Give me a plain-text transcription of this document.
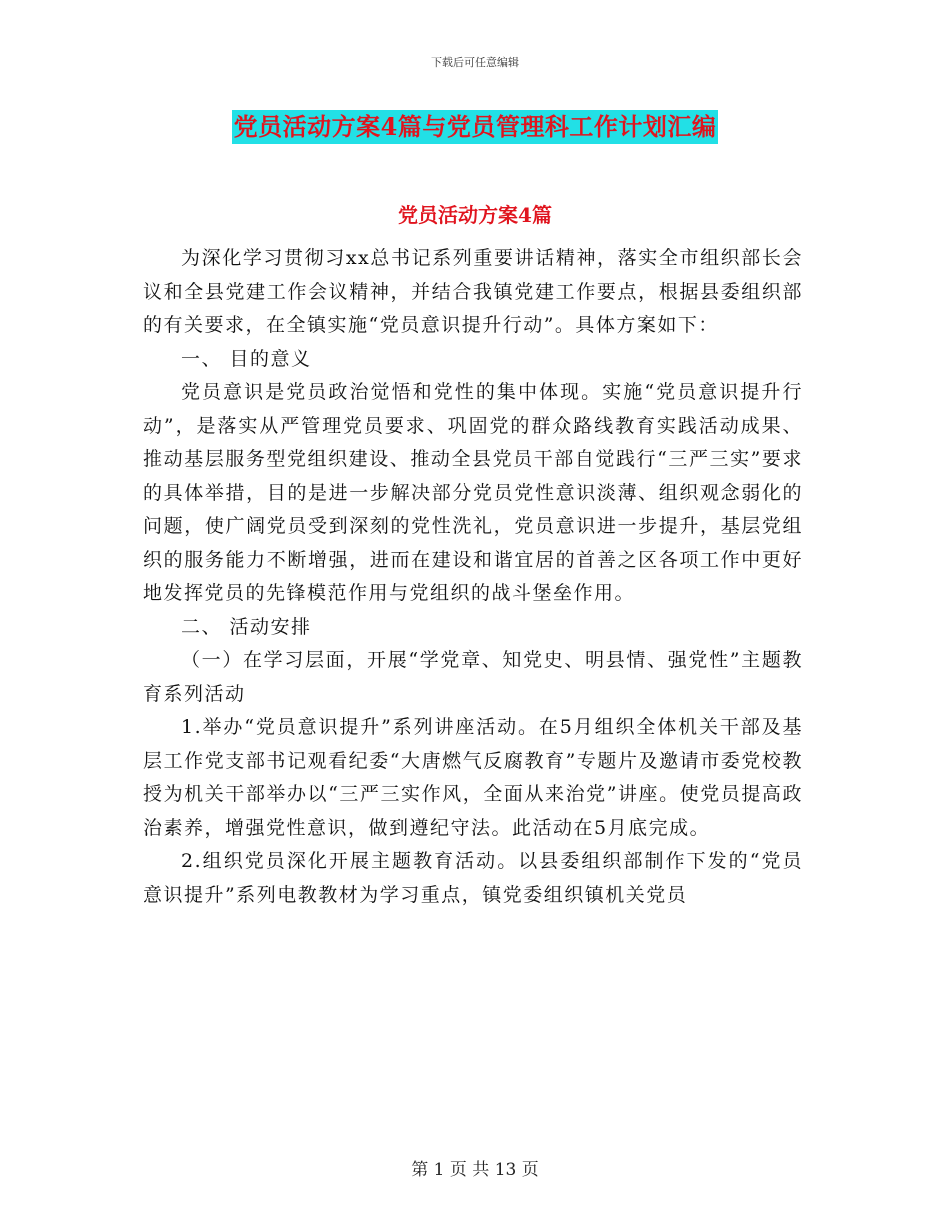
下载后可任意编辑
党员活动方案4篇与党员管理科工作计划汇编
党员活动方案4篇

为深化学习贯彻习xx总书记系列重要讲话精神，落实全市组织部长会议和全县党建工作会议精神，并结合我镇党建工作要点，根据县委组织部的有关要求，在全镇实施“党员意识提升行动”。具体方案如下：

一、 目的意义

党员意识是党员政治觉悟和党性的集中体现。实施“党员意识提升行动”，是落实从严管理党员要求、巩固党的群众路线教育实践活动成果、推动基层服务型党组织建设、推动全县党员干部自觉践行“三严三实”要求的具体举措，目的是进一步解决部分党员党性意识淡薄、组织观念弱化的问题，使广阔党员受到深刻的党性洗礼，党员意识进一步提升，基层党组织的服务能力不断增强，进而在建设和谐宜居的首善之区各项工作中更好地发挥党员的先锋模范作用与党组织的战斗堡垒作用。

二、 活动安排

（一）在学习层面，开展“学党章、知党史、明县情、强党性”主题教育系列活动

1.举办“党员意识提升”系列讲座活动。在5月组织全体机关干部及基层工作党支部书记观看纪委“大唐燃气反腐教育”专题片及邀请市委党校教授为机关干部举办以“三严三实作风，全面从来治党”讲座。使党员提高政治素养，增强党性意识，做到遵纪守法。此活动在5月底完成。

2.组织党员深化开展主题教育活动。以县委组织部制作下发的“党员意识提升”系列电教教材为学习重点，镇党委组织镇机关党员

第 1 页 共 13 页
